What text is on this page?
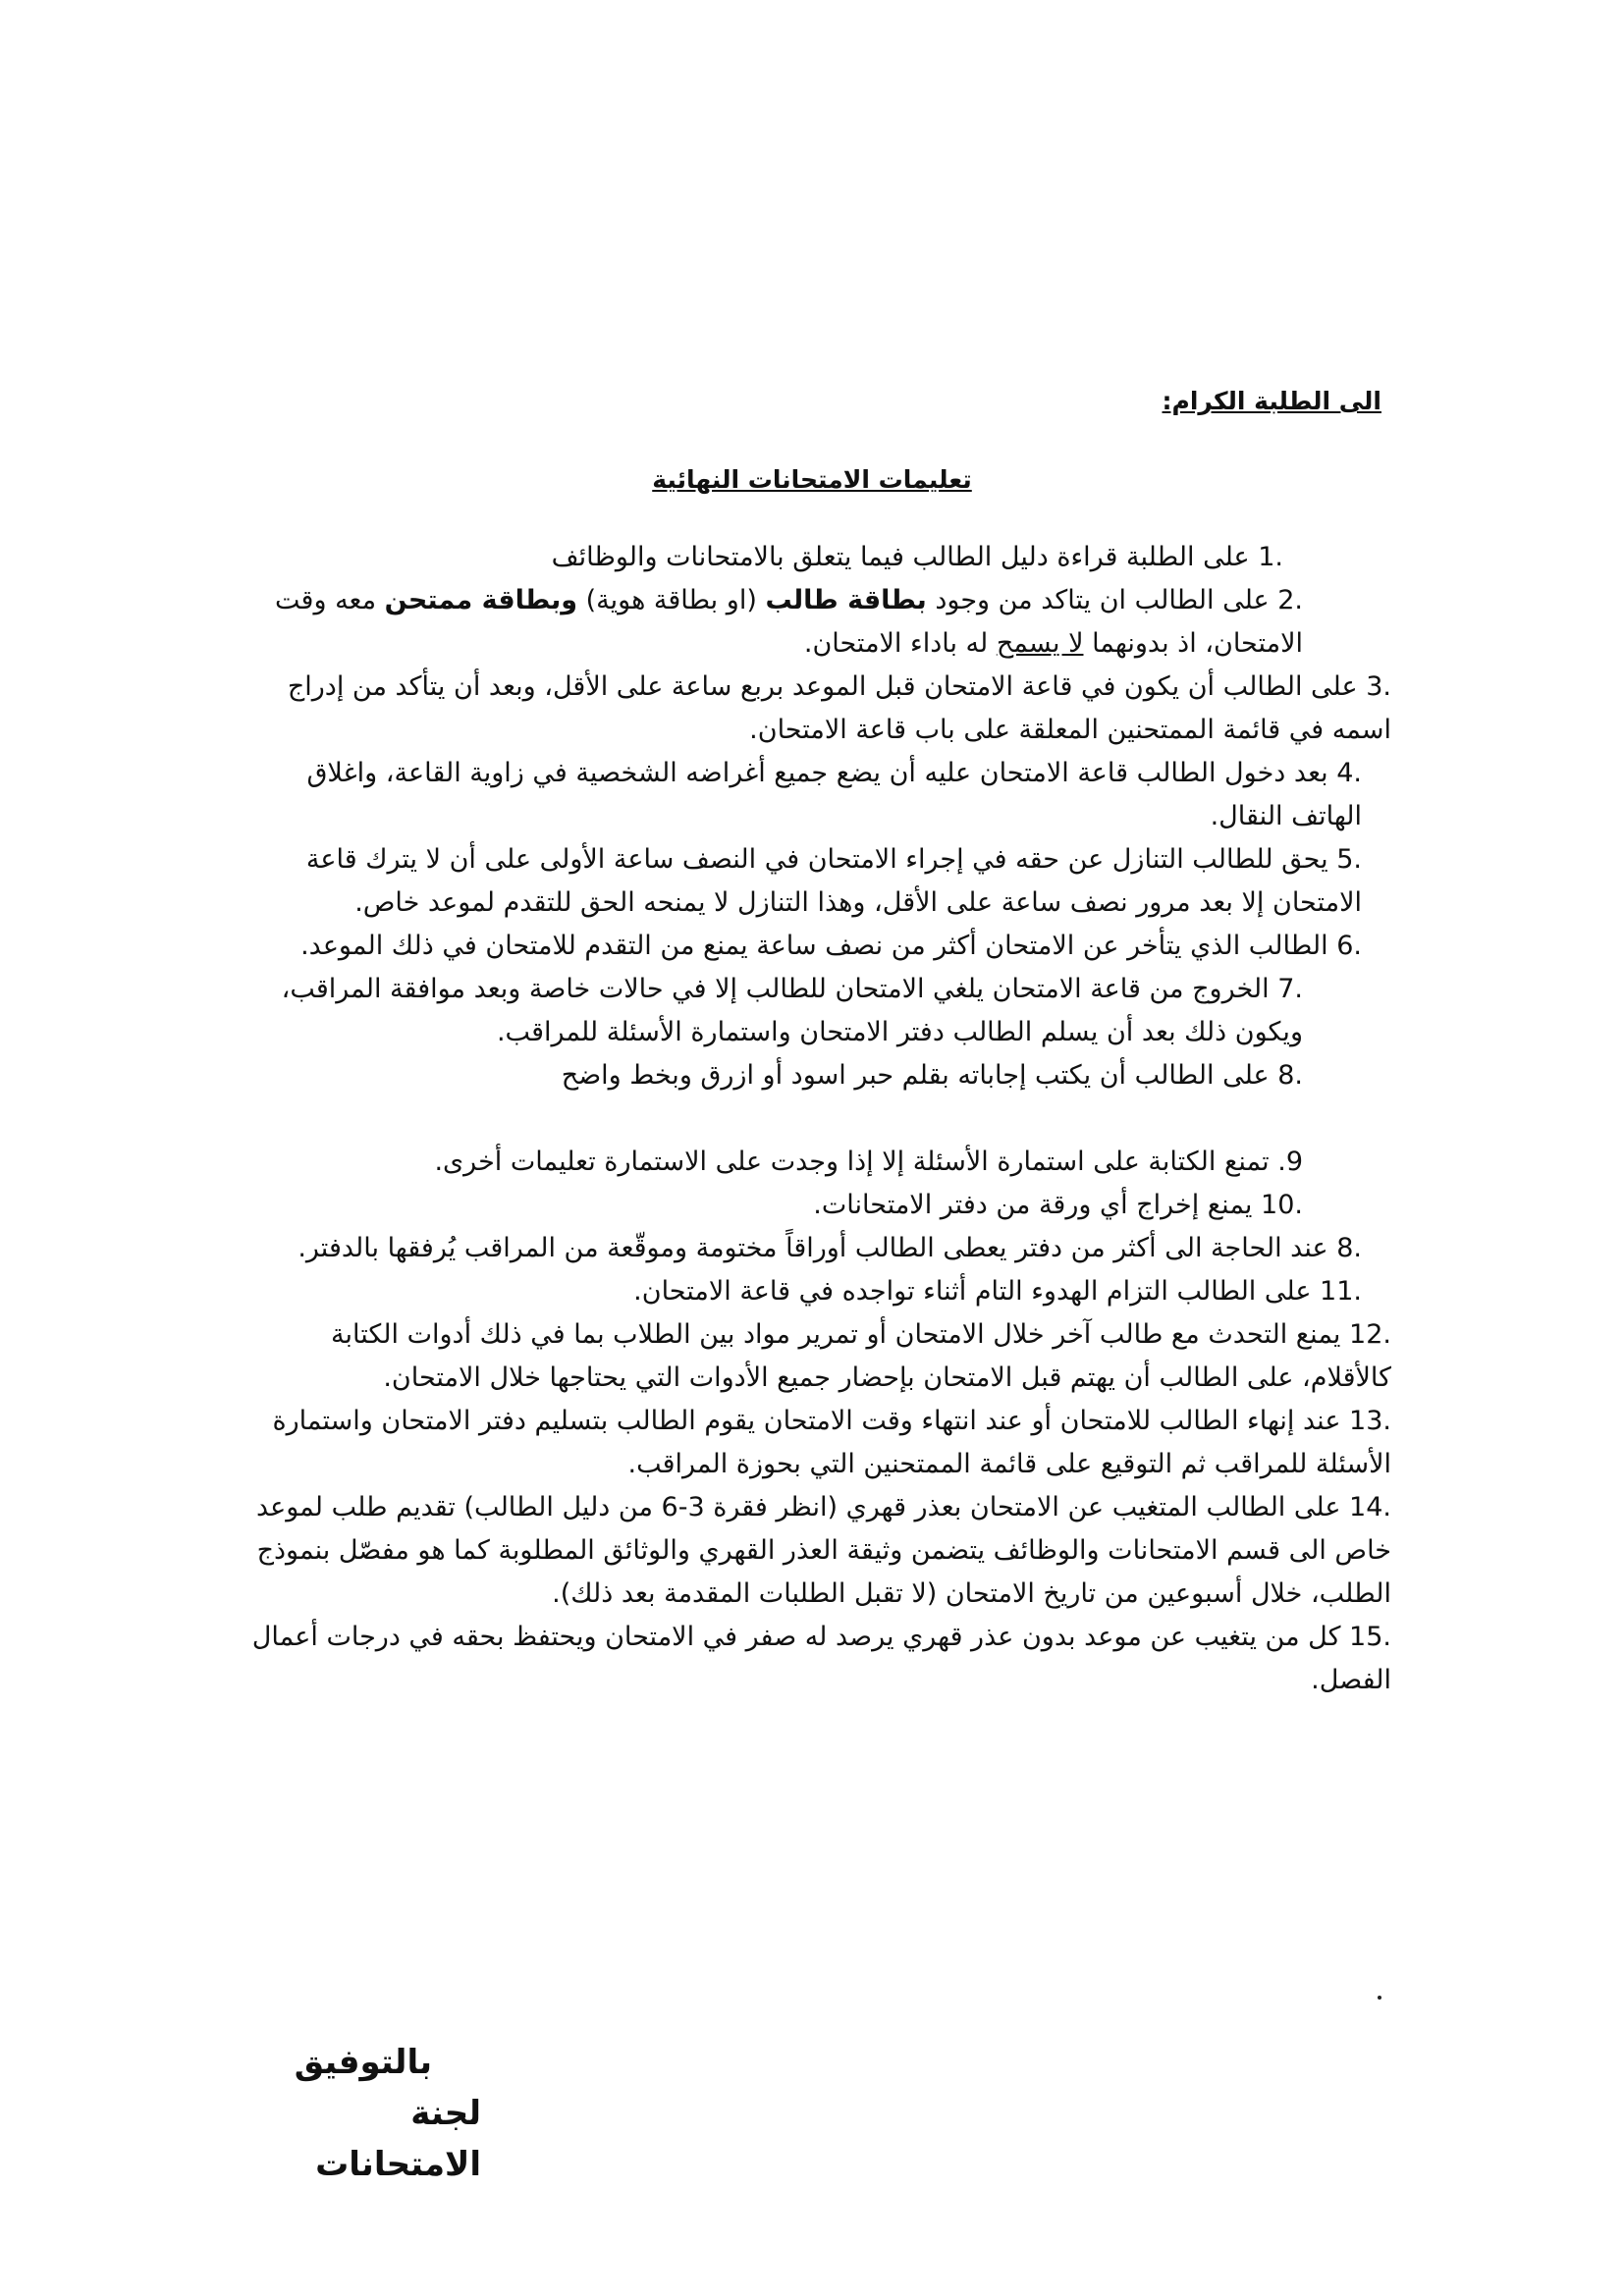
الى الطلبة الكرام:
تعليمات الامتحانات النهائية
.1 على الطلبة قراءة دليل الطالب فيما يتعلق بالامتحانات والوظائف
.2 على الطالب ان يتاكد من وجود بطاقة طالب (او بطاقة هوية) وبطاقة ممتحن معه وقت الامتحان، اذ بدونهما لا يسمح له باداء الامتحان.
.3 على الطالب أن يكون في قاعة الامتحان قبل الموعد بربع ساعة على الأقل، وبعد أن يتأكد من إدراج اسمه في قائمة الممتحنين المعلقة على باب قاعة الامتحان.
.4 بعد دخول الطالب قاعة الامتحان عليه أن يضع جميع أغراضه الشخصية في زاوية القاعة، واغلاق الهاتف النقال.
.5 يحق للطالب التنازل عن حقه في إجراء الامتحان في النصف ساعة الأولى على أن لا يترك قاعة الامتحان إلا بعد مرور نصف ساعة على الأقل، وهذا التنازل لا يمنحه الحق للتقدم لموعد خاص.
.6 الطالب الذي يتأخر عن الامتحان أكثر من نصف ساعة يمنع من التقدم للامتحان في ذلك الموعد.
.7 الخروج من قاعة الامتحان يلغي الامتحان للطالب إلا في حالات خاصة وبعد موافقة المراقب، ويكون ذلك بعد أن يسلم الطالب دفتر الامتحان واستمارة الأسئلة للمراقب.
.8 على الطالب أن يكتب إجاباته بقلم حبر اسود أو ازرق وبخط واضح
9. تمنع الكتابة على استمارة الأسئلة إلا إذا وجدت على الاستمارة تعليمات أخرى.
.10 يمنع إخراج أي ورقة من دفتر الامتحانات.
.8 عند الحاجة الى أكثر من دفتر يعطى الطالب أوراقاً مختومة وموقّعة من المراقب يُرفقها بالدفتر.
.11 على الطالب التزام الهدوء التام أثناء تواجده في قاعة الامتحان.
.12 يمنع التحدث مع طالب آخر خلال الامتحان أو تمرير مواد بين الطلاب بما في ذلك أدوات الكتابة كالأقلام، على الطالب أن يهتم قبل الامتحان بإحضار جميع الأدوات التي يحتاجها خلال الامتحان.
.13 عند إنهاء الطالب للامتحان أو عند انتهاء وقت الامتحان يقوم الطالب بتسليم دفتر الامتحان واستمارة الأسئلة للمراقب ثم التوقيع على قائمة الممتحنين التي بحوزة المراقب.
.14 على الطالب المتغيب عن الامتحان بعذر قهري (انظر فقرة 3-6 من دليل الطالب) تقديم طلب لموعد خاص الى قسم الامتحانات والوظائف يتضمن وثيقة العذر القهري والوثائق المطلوبة كما هو مفصّل بنموذج الطلب، خلال أسبوعين من تاريخ الامتحان (لا تقبل الطلبات المقدمة بعد ذلك).
.15 كل من يتغيب عن موعد بدون عذر قهري يرصد له صفر في الامتحان ويحتفظ بحقه في درجات أعمال الفصل.
بالتوفيق
لجنة الامتحانات
